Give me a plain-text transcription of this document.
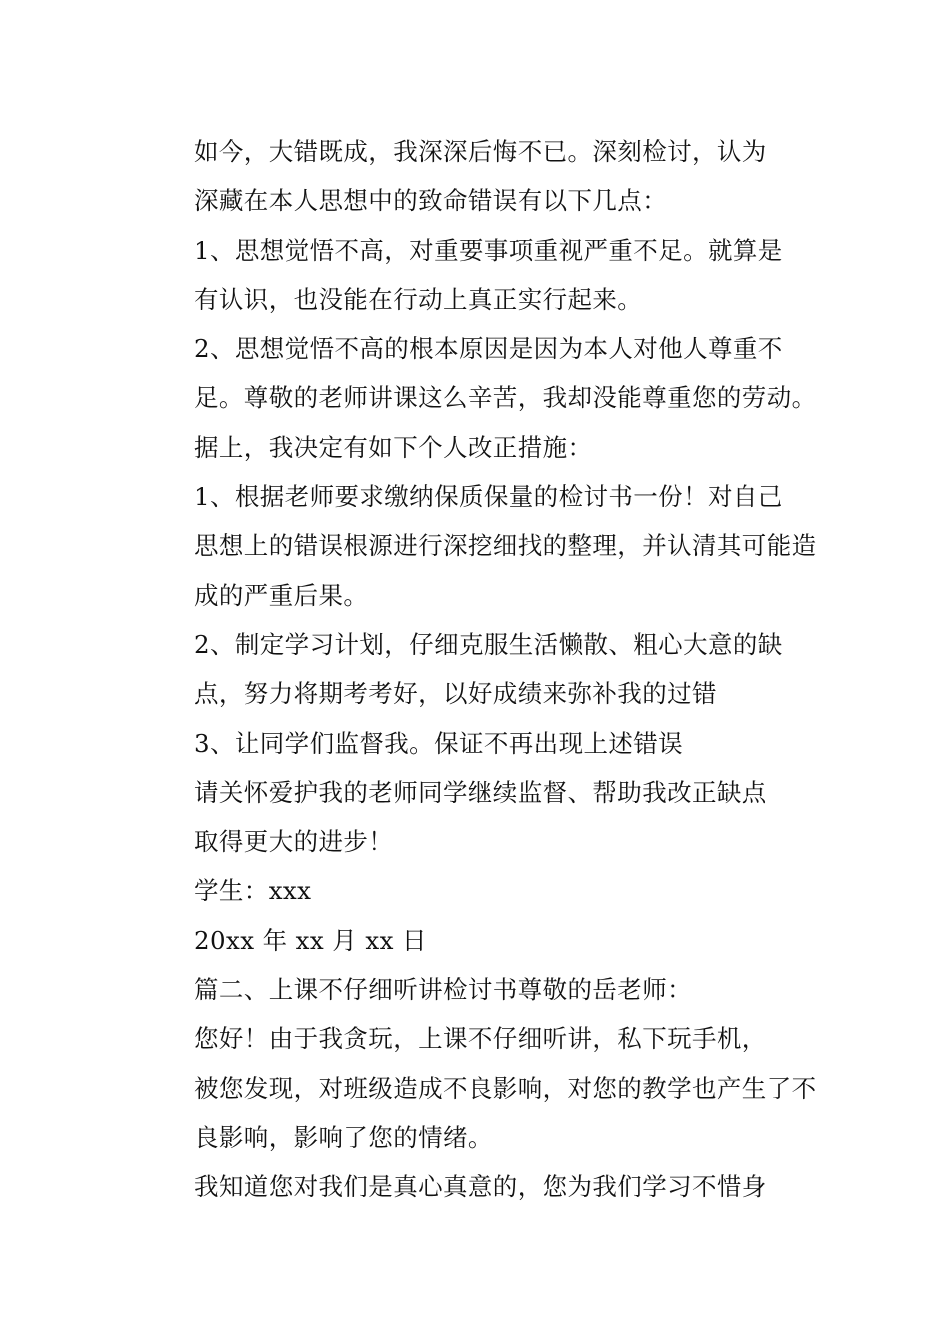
如今，大错既成，我深深后悔不已。深刻检讨，认为
深藏在本人思想中的致命错误有以下几点：

1、思想觉悟不高，对重要事项重视严重不足。就算是
有认识，也没能在行动上真正实行起来。

2、思想觉悟不高的根本原因是因为本人对他人尊重不
足。尊敬的老师讲课这么辛苦，我却没能尊重您的劳动。

据上，我决定有如下个人改正措施：

1、根据老师要求缴纳保质保量的检讨书一份！对自己
思想上的错误根源进行深挖细找的整理，并认清其可能造
成的严重后果。

2、制定学习计划，仔细克服生活懒散、粗心大意的缺
点，努力将期考考好，以好成绩来弥补我的过错

3、让同学们监督我。保证不再出现上述错误

请关怀爱护我的老师同学继续监督、帮助我改正缺点
取得更大的进步！

学生：xxx

20xx 年 xx 月 xx 日

篇二、上课不仔细听讲检讨书尊敬的岳老师：

您好！由于我贪玩，上课不仔细听讲，私下玩手机，
被您发现，对班级造成不良影响，对您的教学也产生了不
良影响，影响了您的情绪。

我知道您对我们是真心真意的，您为我们学习不惜身
